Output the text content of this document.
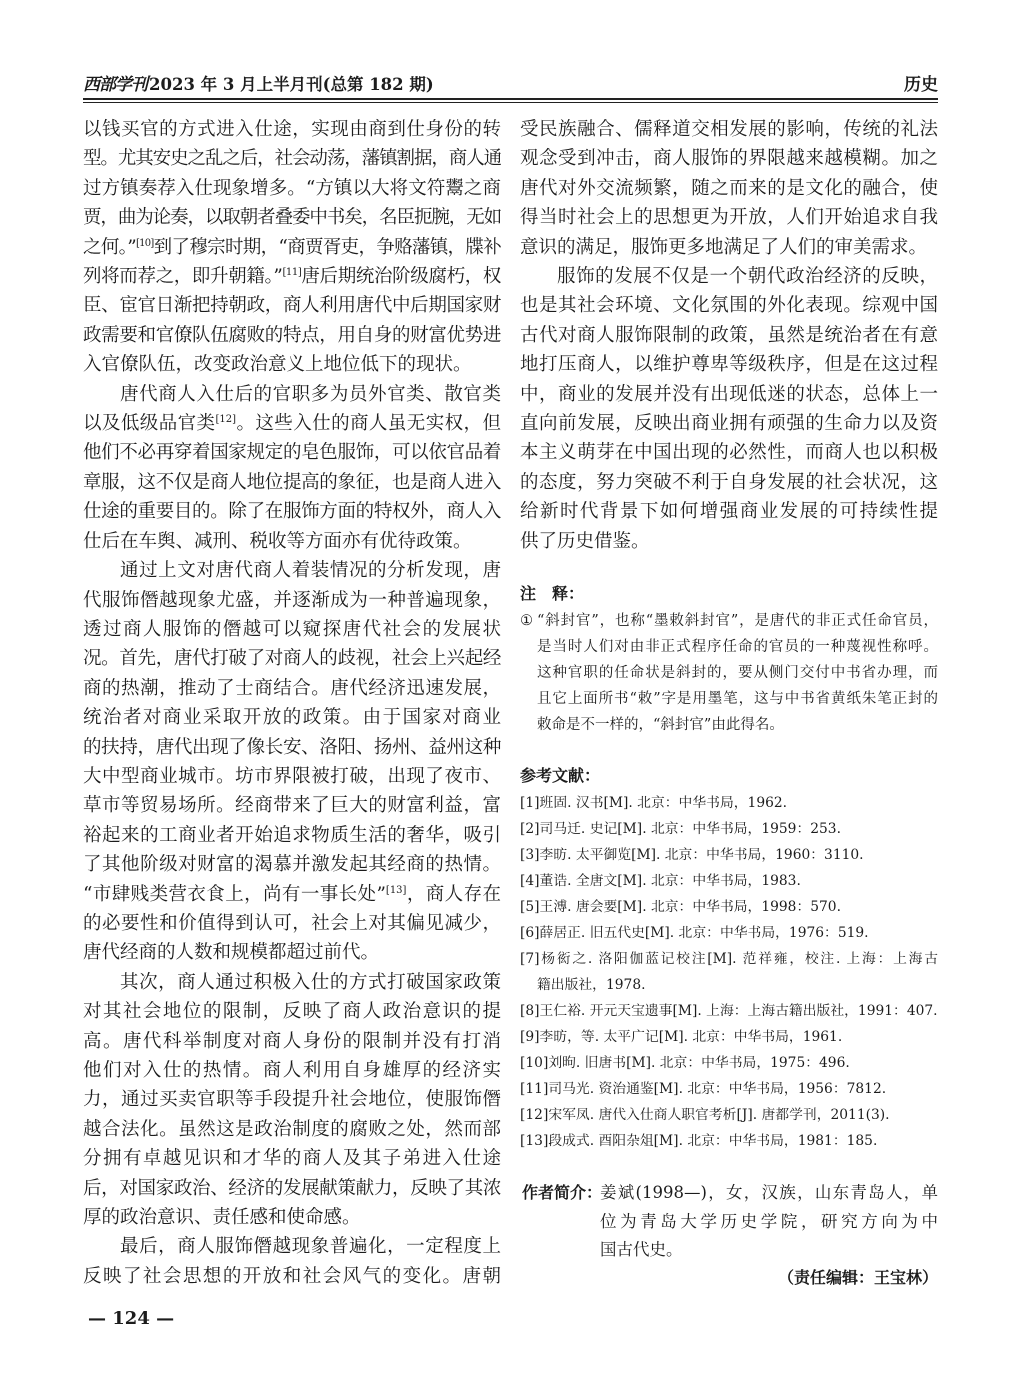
西部学刊 2023 年 3 月上半月刊(总第 182 期)	历史
以钱买官的方式进入仕途，实现由商到仕身份的转
型。尤其安史之乱之后，社会动荡，藩镇割据，商人通
过方镇奏荐入仕现象增多。“方镇以大将文符鬻之商
贾，曲为论奏，以取朝者叠委中书矣，名臣扼腕，无如
之何。”[10]到了穆宗时期，“商贾胥吏，争赂藩镇，牒补
列将而荐之，即升朝籍。”[11]唐后期统治阶级腐朽，权
臣、宦官日渐把持朝政，商人利用唐代中后期国家财
政需要和官僚队伍腐败的特点，用自身的财富优势进
入官僚队伍，改变政治意义上地位低下的现状。
唐代商人入仕后的官职多为员外官类、散官类
以及低级品官类[12]。这些入仕的商人虽无实权，但
他们不必再穿着国家规定的皂色服饰，可以依官品着
章服，这不仅是商人地位提高的象征，也是商人进入
仕途的重要目的。除了在服饰方面的特权外，商人入
仕后在车舆、减刑、税收等方面亦有优待政策。
通过上文对唐代商人着装情况的分析发现，唐
代服饰僭越现象尤盛，并逐渐成为一种普遍现象，
透过商人服饰的僭越可以窥探唐代社会的发展状
况。首先，唐代打破了对商人的歧视，社会上兴起经
商的热潮，推动了士商结合。唐代经济迅速发展，
统治者对商业采取开放的政策。由于国家对商业
的扶持，唐代出现了像长安、洛阳、扬州、益州这种
大中型商业城市。坊市界限被打破，出现了夜市、
草市等贸易场所。经商带来了巨大的财富利益，富
裕起来的工商业者开始追求物质生活的奢华，吸引
了其他阶级对财富的渴慕并激发起其经商的热情。
“市肆贱类营衣食上，尚有一事长处”[13]，商人存在
的必要性和价值得到认可，社会上对其偏见减少，
唐代经商的人数和规模都超过前代。
其次，商人通过积极入仕的方式打破国家政策
对其社会地位的限制，反映了商人政治意识的提
高。唐代科举制度对商人身份的限制并没有打消
他们对入仕的热情。商人利用自身雄厚的经济实
力，通过买卖官职等手段提升社会地位，使服饰僭
越合法化。虽然这是政治制度的腐败之处，然而部
分拥有卓越见识和才华的商人及其子弟进入仕途
后，对国家政治、经济的发展献策献力，反映了其浓
厚的政治意识、责任感和使命感。
最后，商人服饰僭越现象普遍化，一定程度上
反映了社会思想的开放和社会风气的变化。唐朝
受民族融合、儒释道交相发展的影响，传统的礼法
观念受到冲击，商人服饰的界限越来越模糊。加之
唐代对外交流频繁，随之而来的是文化的融合，使
得当时社会上的思想更为开放，人们开始追求自我
意识的满足，服饰更多地满足了人们的审美需求。
服饰的发展不仅是一个朝代政治经济的反映，
也是其社会环境、文化氛围的外化表现。综观中国
古代对商人服饰限制的政策，虽然是统治者在有意
地打压商人，以维护尊卑等级秩序，但是在这过程
中，商业的发展并没有出现低迷的状态，总体上一
直向前发展，反映出商业拥有顽强的生命力以及资
本主义萌芽在中国出现的必然性，而商人也以积极
的态度，努力突破不利于自身发展的社会状况，这
给新时代背景下如何增强商业发展的可持续性提
供了历史借鉴。
注　释：
① “斜封官”，也称“墨敕斜封官”，是唐代的非正式任命官员，
是当时人们对由非正式程序任命的官员的一种蔑视性称呼。
这种官职的任命状是斜封的，要从侧门交付中书省办理，而
且它上面所书“敕”字是用墨笔，这与中书省黄纸朱笔正封的
敕命是不一样的，“斜封官”由此得名。
参考文献：
[1]班固. 汉书[M]. 北京：中华书局，1962.
[2]司马迁. 史记[M]. 北京：中华书局，1959：253.
[3]李昉. 太平御览[M]. 北京：中华书局，1960：3110.
[4]董诰. 全唐文[M]. 北京：中华书局，1983.
[5]王溥. 唐会要[M]. 北京：中华书局，1998：570.
[6]薛居正. 旧五代史[M]. 北京：中华书局，1976：519.
[7]杨衒之. 洛阳伽蓝记校注[M]. 范祥雍，校注. 上海：上海古
籍出版社，1978.
[8]王仁裕. 开元天宝遗事[M]. 上海：上海古籍出版社，1991：407.
[9]李昉，等. 太平广记[M]. 北京：中华书局，1961.
[10]刘昫. 旧唐书[M]. 北京：中华书局，1975：496.
[11]司马光. 资治通鉴[M]. 北京：中华书局，1956：7812.
[12]宋军凤. 唐代入仕商人职官考析[J]. 唐都学刊，2011(3).
[13]段成式. 酉阳杂俎[M]. 北京：中华书局，1981：185.
作者简介：
姜斌(1998—)，女，汉族，山东青岛人，单
位为青岛大学历史学院，研究方向为中
国古代史。
（责任编辑：王宝林）
— 124 —
